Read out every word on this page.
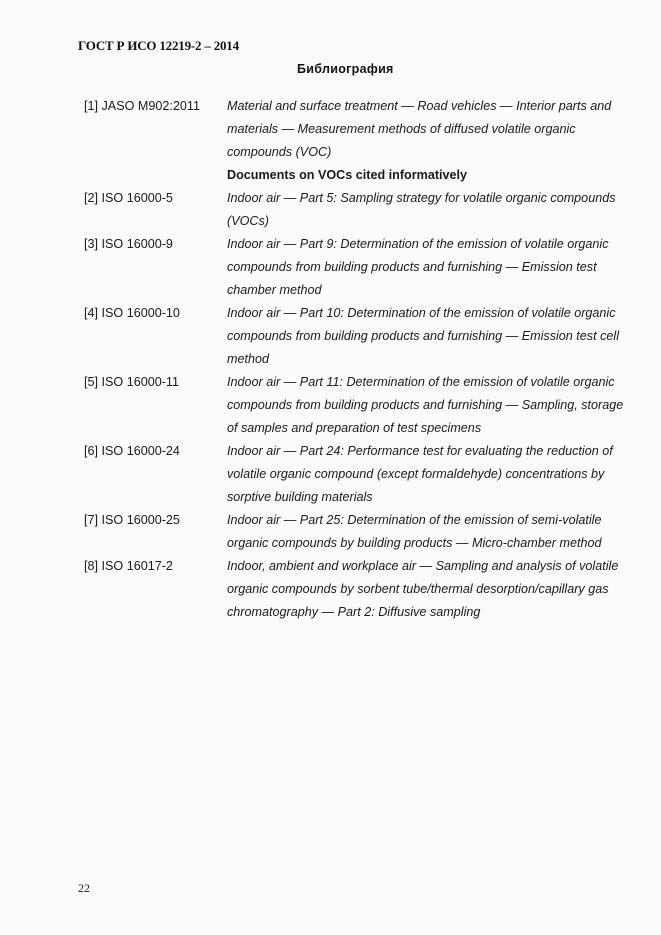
ГОСТ Р ИСО 12219-2 – 2014
Библиография
[1] JASO M902:2011	Material and surface treatment — Road vehicles — Interior parts and materials — Measurement methods of diffused volatile organic compounds (VOC)
Documents on VOCs cited informatively
[2] ISO 16000-5	Indoor air — Part 5: Sampling strategy for volatile organic compounds (VOCs)
[3] ISO 16000-9	Indoor air — Part 9: Determination of the emission of volatile organic compounds from building products and furnishing — Emission test chamber method
[4] ISO 16000-10	Indoor air — Part 10: Determination of the emission of volatile organic compounds from building products and furnishing — Emission test cell method
[5] ISO 16000-11	Indoor air — Part 11: Determination of the emission of volatile organic compounds from building products and furnishing — Sampling, storage of samples and preparation of test specimens
[6] ISO 16000-24	Indoor air — Part 24: Performance test for evaluating the reduction of volatile organic compound (except formaldehyde) concentrations by sorptive building materials
[7] ISO 16000-25	Indoor air — Part 25: Determination of the emission of semi-volatile organic compounds by building products — Micro-chamber method
[8] ISO 16017-2	Indoor, ambient and workplace air — Sampling and analysis of volatile organic compounds by sorbent tube/thermal desorption/capillary gas chromatography — Part 2: Diffusive sampling
22
